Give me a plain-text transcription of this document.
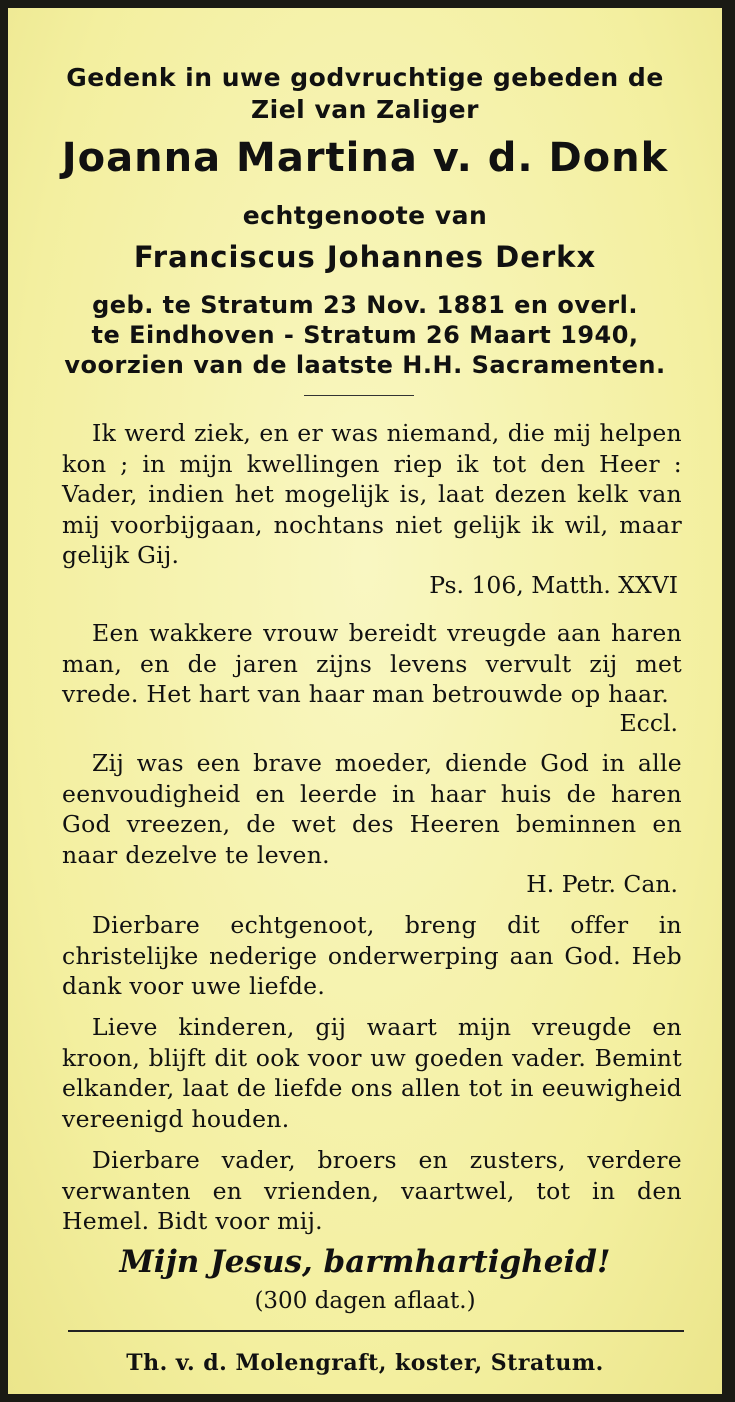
Gedenk in uwe godvruchtige gebeden de
Ziel van Zaliger
Joanna Martina v. d. Donk
echtgenoote van
Franciscus Johannes Derkx
geb. te Stratum 23 Nov. 1881 en overl.
te Eindhoven - Stratum 26 Maart 1940,
voorzien van de laatste H.H. Sacramenten.
Ik werd ziek, en er was niemand, die mij helpen kon ; in mijn kwellingen riep ik tot den Heer : Vader, indien het mogelijk is, laat dezen kelk van mij voorbijgaan, nochtans niet gelijk ik wil, maar gelijk Gij.
Ps. 106, Matth. XXVI
Een wakkere vrouw bereidt vreugde aan haren man, en de jaren zijns levens vervult zij met vrede. Het hart van haar man betrouwde op haar.
Eccl.
Zij was een brave moeder, diende God in alle eenvoudigheid en leerde in haar huis de haren God vreezen, de wet des Heeren beminnen en naar dezelve te leven.
H. Petr. Can.
Dierbare echtgenoot, breng dit offer in christelijke nederige onderwerping aan God. Heb dank voor uwe liefde.
Lieve kinderen, gij waart mijn vreugde en kroon, blijft dit ook voor uw goeden vader. Bemint elkander, laat de liefde ons allen tot in eeuwigheid vereenigd houden.
Dierbare vader, broers en zusters, verdere verwanten en vrienden, vaartwel, tot in den Hemel. Bidt voor mij.
Mijn Jesus, barmhartigheid!
(300 dagen aflaat.)
Th. v. d. Molengraft, koster, Stratum.
